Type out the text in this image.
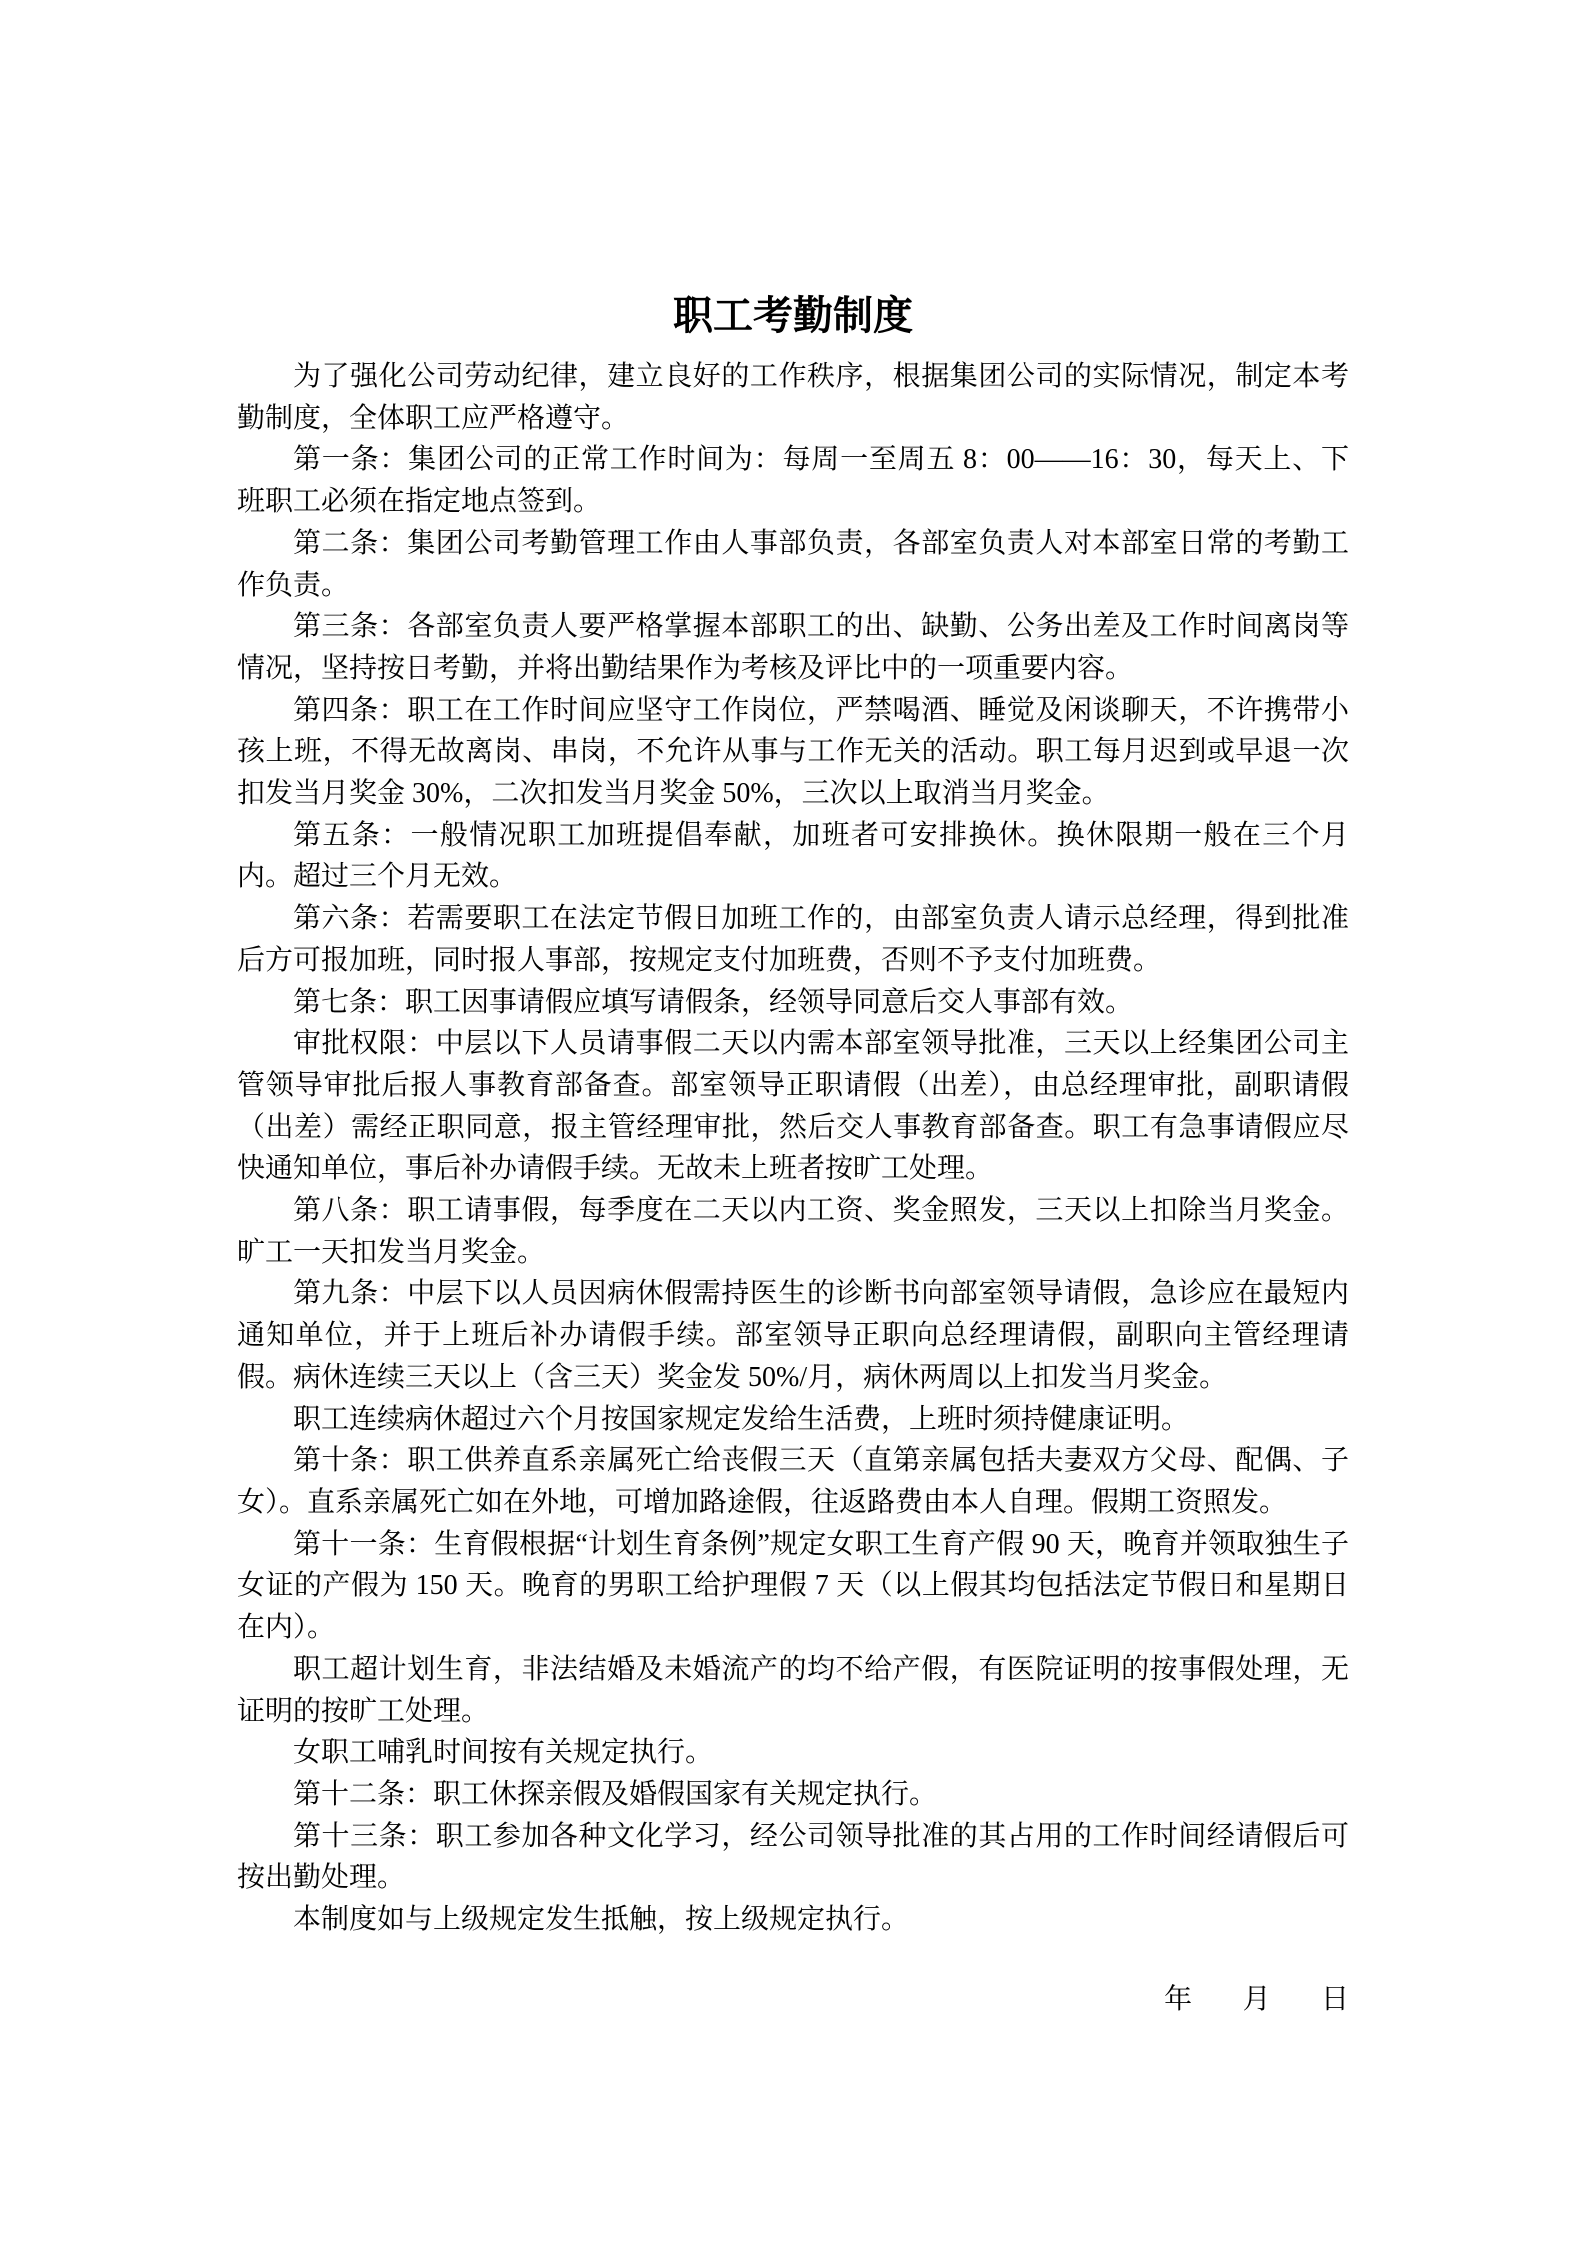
职工考勤制度

为了强化公司劳动纪律，建立良好的工作秩序，根据集团公司的实际情况，制定本考勤制度，全体职工应严格遵守。

第一条：集团公司的正常工作时间为：每周一至周五 8：00——16：30，每天上、下班职工必须在指定地点签到。

第二条：集团公司考勤管理工作由人事部负责，各部室负责人对本部室日常的考勤工作负责。

第三条：各部室负责人要严格掌握本部职工的出、缺勤、公务出差及工作时间离岗等情况，坚持按日考勤，并将出勤结果作为考核及评比中的一项重要内容。

第四条：职工在工作时间应坚守工作岗位，严禁喝酒、睡觉及闲谈聊天，不许携带小孩上班，不得无故离岗、串岗，不允许从事与工作无关的活动。职工每月迟到或早退一次扣发当月奖金 30%，二次扣发当月奖金 50%，三次以上取消当月奖金。

第五条：一般情况职工加班提倡奉献，加班者可安排换休。换休限期一般在三个月内。超过三个月无效。

第六条：若需要职工在法定节假日加班工作的，由部室负责人请示总经理，得到批准后方可报加班，同时报人事部，按规定支付加班费，否则不予支付加班费。

第七条：职工因事请假应填写请假条，经领导同意后交人事部有效。

审批权限：中层以下人员请事假二天以内需本部室领导批准，三天以上经集团公司主管领导审批后报人事教育部备查。部室领导正职请假（出差），由总经理审批，副职请假（出差）需经正职同意，报主管经理审批，然后交人事教育部备查。职工有急事请假应尽快通知单位，事后补办请假手续。无故未上班者按旷工处理。

第八条：职工请事假，每季度在二天以内工资、奖金照发，三天以上扣除当月奖金。旷工一天扣发当月奖金。

第九条：中层下以人员因病休假需持医生的诊断书向部室领导请假，急诊应在最短内通知单位，并于上班后补办请假手续。部室领导正职向总经理请假，副职向主管经理请假。病休连续三天以上（含三天）奖金发 50%/月，病休两周以上扣发当月奖金。

职工连续病休超过六个月按国家规定发给生活费，上班时须持健康证明。

第十条：职工供养直系亲属死亡给丧假三天（直第亲属包括夫妻双方父母、配偶、子女）。直系亲属死亡如在外地，可增加路途假，往返路费由本人自理。假期工资照发。

第十一条：生育假根据“计划生育条例”规定女职工生育产假 90 天，晚育并领取独生子女证的产假为 150 天。晚育的男职工给护理假 7 天（以上假其均包括法定节假日和星期日在内）。

职工超计划生育，非法结婚及未婚流产的均不给产假，有医院证明的按事假处理，无证明的按旷工处理。

女职工哺乳时间按有关规定执行。

第十二条：职工休探亲假及婚假国家有关规定执行。

第十三条：职工参加各种文化学习，经公司领导批准的其占用的工作时间经请假后可按出勤处理。

本制度如与上级规定发生抵触，按上级规定执行。

年 月 日
